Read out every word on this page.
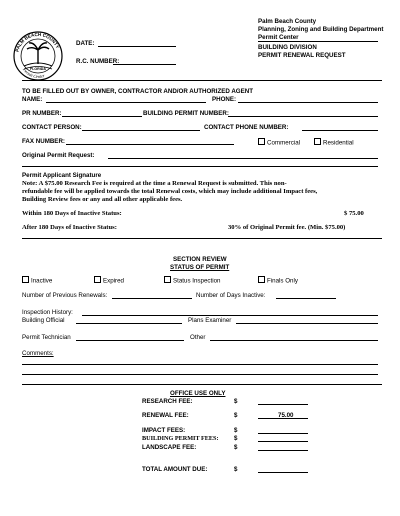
PALM BEACH COUNTY
Permit Center
FLORIDA
DATE:
R.C. NUMBER:
Palm Beach County
Planning, Zoning and Building Department
Permit Center
BUILDING DIVISION
PERMIT RENEWAL REQUEST
TO BE FILLED OUT BY OWNER, CONTRACTOR AND/OR AUTHORIZED AGENT
NAME:	PHONE:
PR NUMBER:	BUILDING PERMIT NUMBER:
CONTACT PERSON:	CONTACT PHONE NUMBER:
FAX NUMBER:	Commercial	Residential
Original Permit Request:
Permit Applicant Signature
Note: A $75.00 Research Fee is required at the time a Renewal Request is submitted. This non-
refundable fee will be applied towards the total Renewal costs, which may include additional Impact fees,
Building Review fees or any and all other applicable fees.
Within 180 Days of Inactive Status:	$ 75.00
After 180 Days of Inactive Status:	30% of Original Permit fee. (Min. $75.00)
SECTION REVIEW
STATUS OF PERMIT
Inactive	Expired	Status Inspection	Finals Only
Number of Previous Renewals:	Number of Days Inactive:
Inspection History:
Building Official	Plans Examiner
Permit Technician	Other
Comments:
OFFICE USE ONLY
RESEARCH FEE:	$
RENEWAL FEE:	$	75.00
IMPACT FEES:	$
BUILDING PERMIT FEES: $
LANDSCAPE FEE:	$
TOTAL AMOUNT DUE:	$
